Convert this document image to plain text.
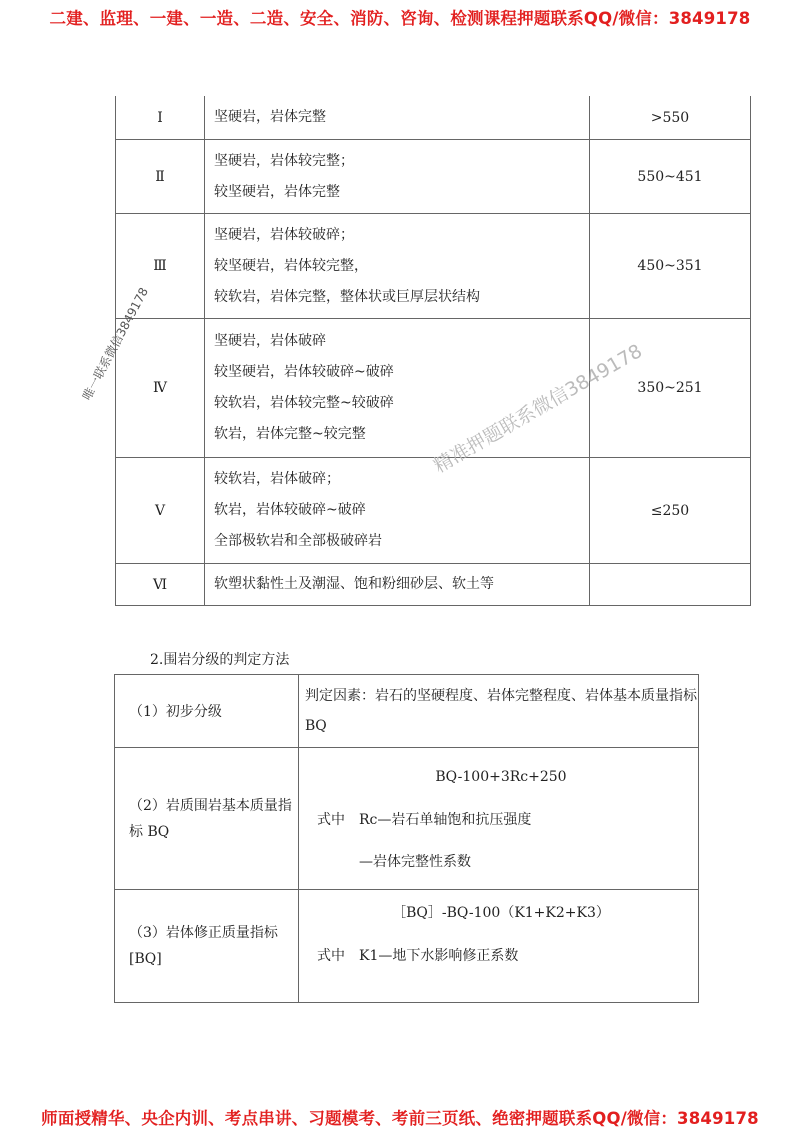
二建、监理、一建、一造、二造、安全、消防、咨询、检测课程押题联系QQ/微信：3849178
Ⅰ	坚硬岩，岩体完整	>550
Ⅱ	坚硬岩，岩体较完整；
较坚硬岩，岩体完整	550~451
Ⅲ	坚硬岩，岩体较破碎；
较坚硬岩，岩体较完整，
较软岩，岩体完整，整体状或巨厚层状结构	450~351
Ⅳ	坚硬岩，岩体破碎
较坚硬岩，岩体较破碎~破碎
较软岩，岩体较完整~较破碎
软岩，岩体完整~较完整	350~251
Ⅴ	较软岩，岩体破碎；
软岩，岩体较破碎~破碎
全部极软岩和全部极破碎岩	≤250
Ⅵ	软塑状黏性土及潮湿、饱和粉细砂层、软土等	

2.围岩分级的判定方法
（1）初步分级	判定因素：岩石的坚硬程度、岩体完整程度、岩体基本质量指标BQ

（2）岩质围岩基本质量指标 BQ	BQ-100+3Rc+250
式中　Rc—岩石单轴饱和抗压强度
—岩体完整性系数

（3）岩体修正质量指标[BQ]	［BQ］-BQ-100（K1+K2+K3）
式中　K1—地下水影响修正系数
唯一联系微信3849178	精准押题联系微信3849178
师面授精华、央企内训、考点串讲、习题模考、考前三页纸、绝密押题联系QQ/微信：3849178
